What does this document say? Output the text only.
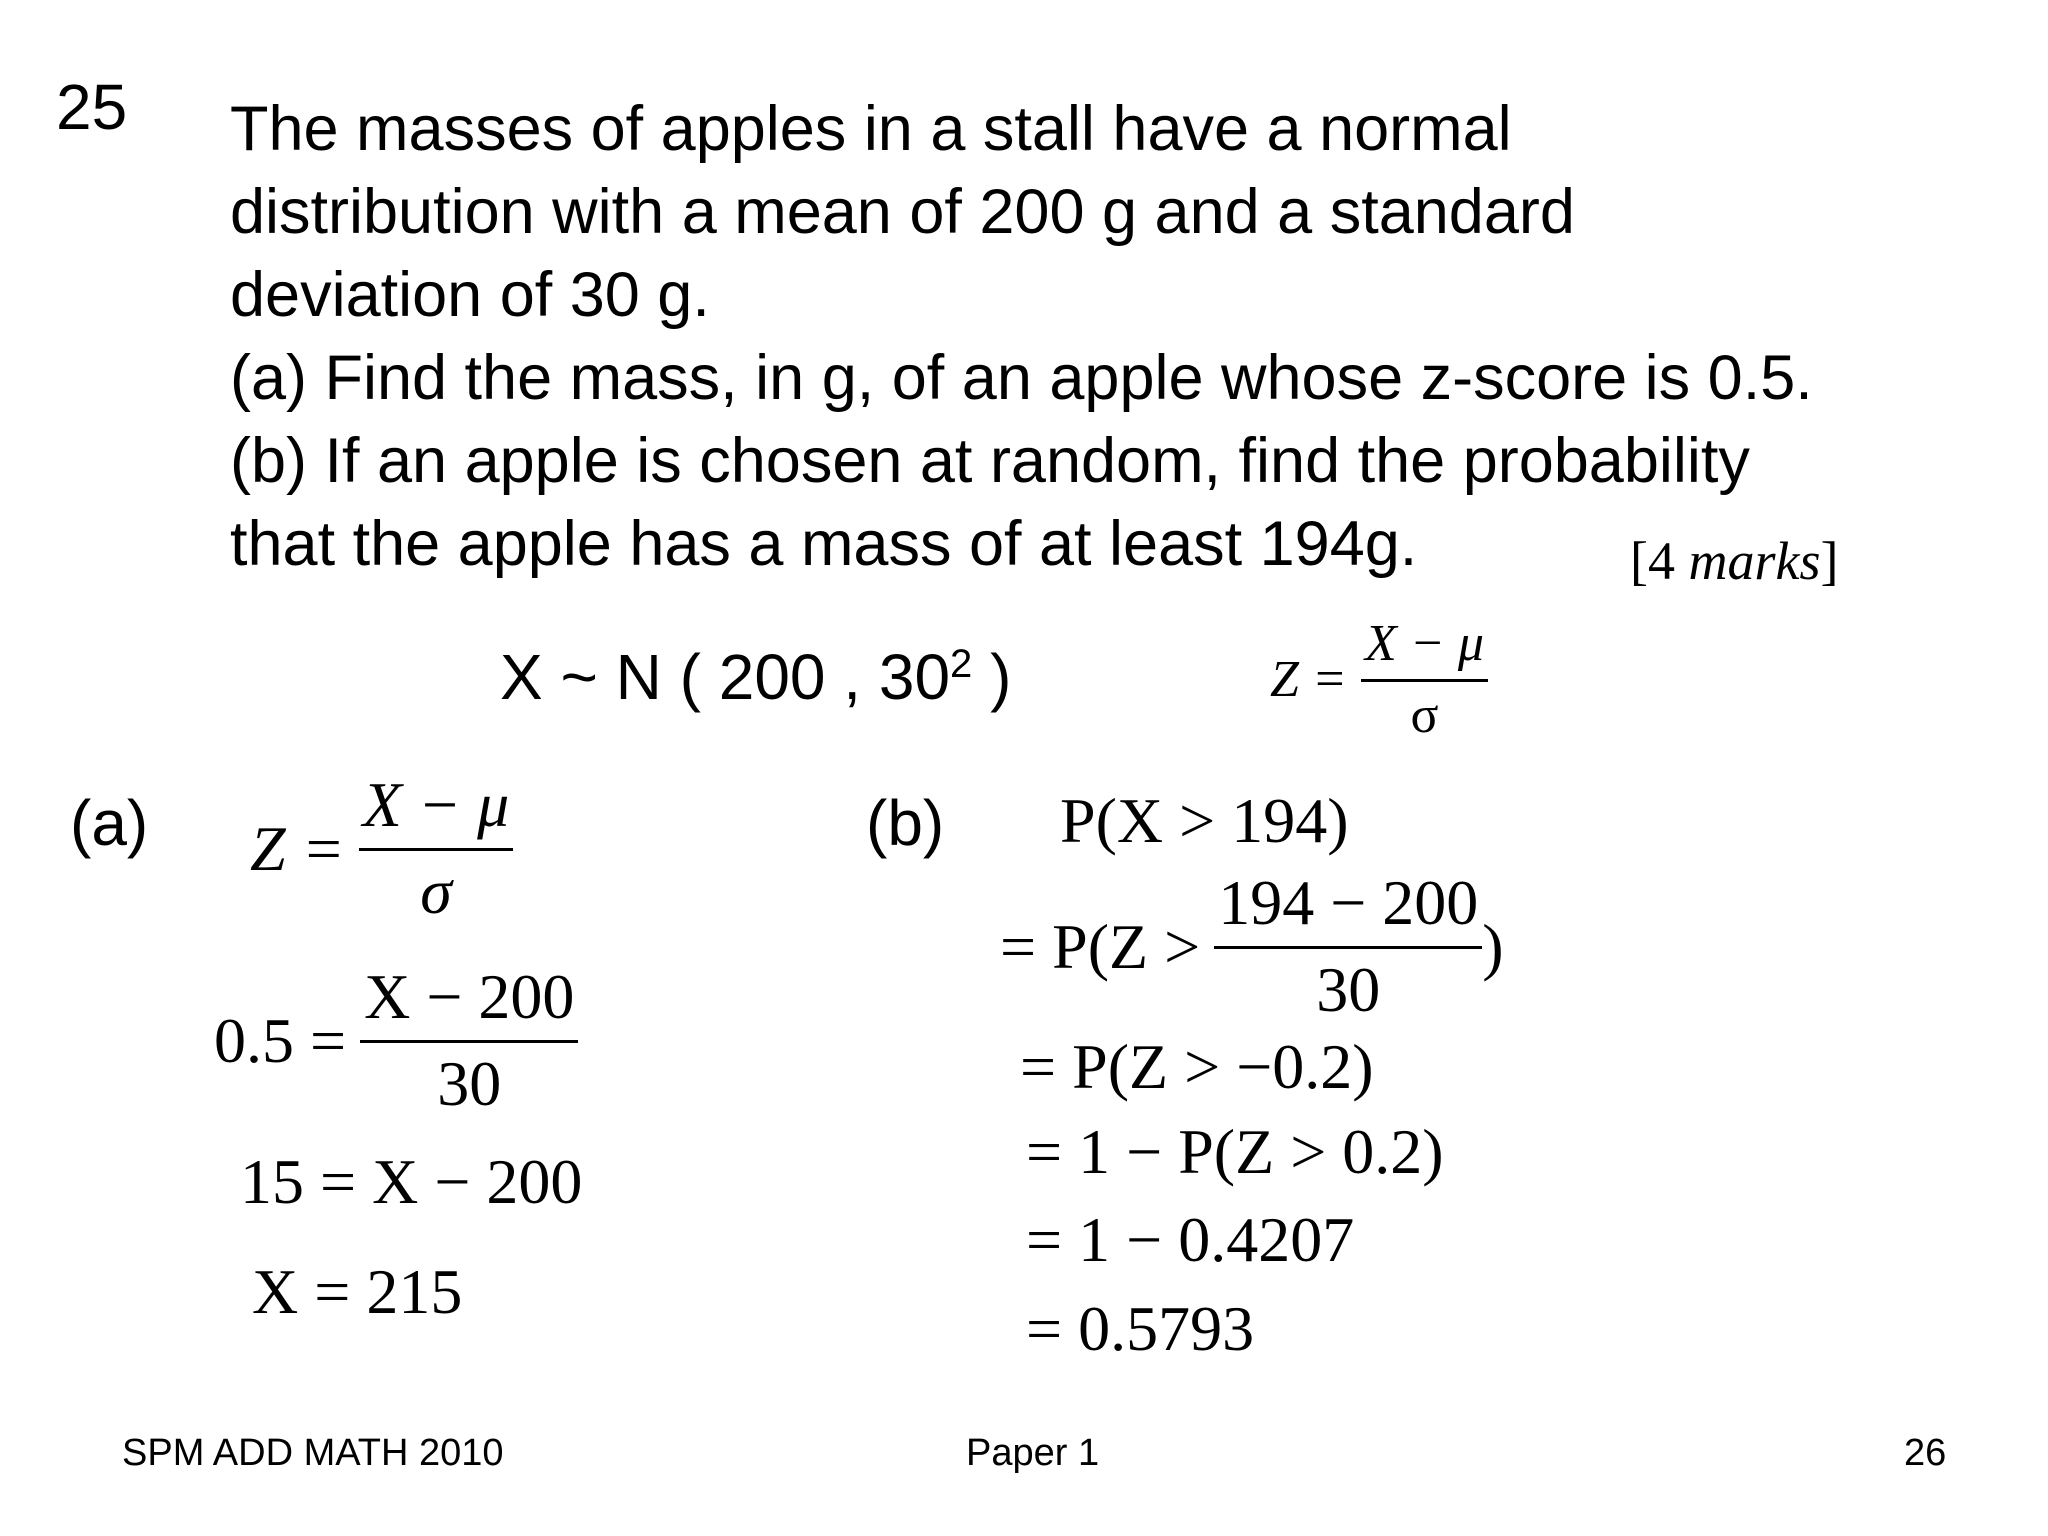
25 The masses of apples in a stall have a normal
distribution with a mean of 200 g and a standard
deviation of 30 g.
(a) Find the mass, in g, of an apple whose z-score is 0.5.
(b) If an apple is chosen at random, find the probability
that the apple has a mass of at least 194g.	[4 marks]
X ~ N ( 200 , $30^2$ )	$Z = \frac{X - \mu}{\sigma}$
(a)	(b)
$Z = \frac{X - \mu}{\sigma}$
$0.5 = \frac{X - 200}{30}$
15 = X − 200
X = 215
P(X > 194)
= $P(Z > \frac{194 - 200}{30}$ )
= P(Z > −0.2)
= 1 − P(Z > 0.2)
= 1 − 0.4207
= 0.5793
SPM ADD MATH 2010	Paper 1	26
